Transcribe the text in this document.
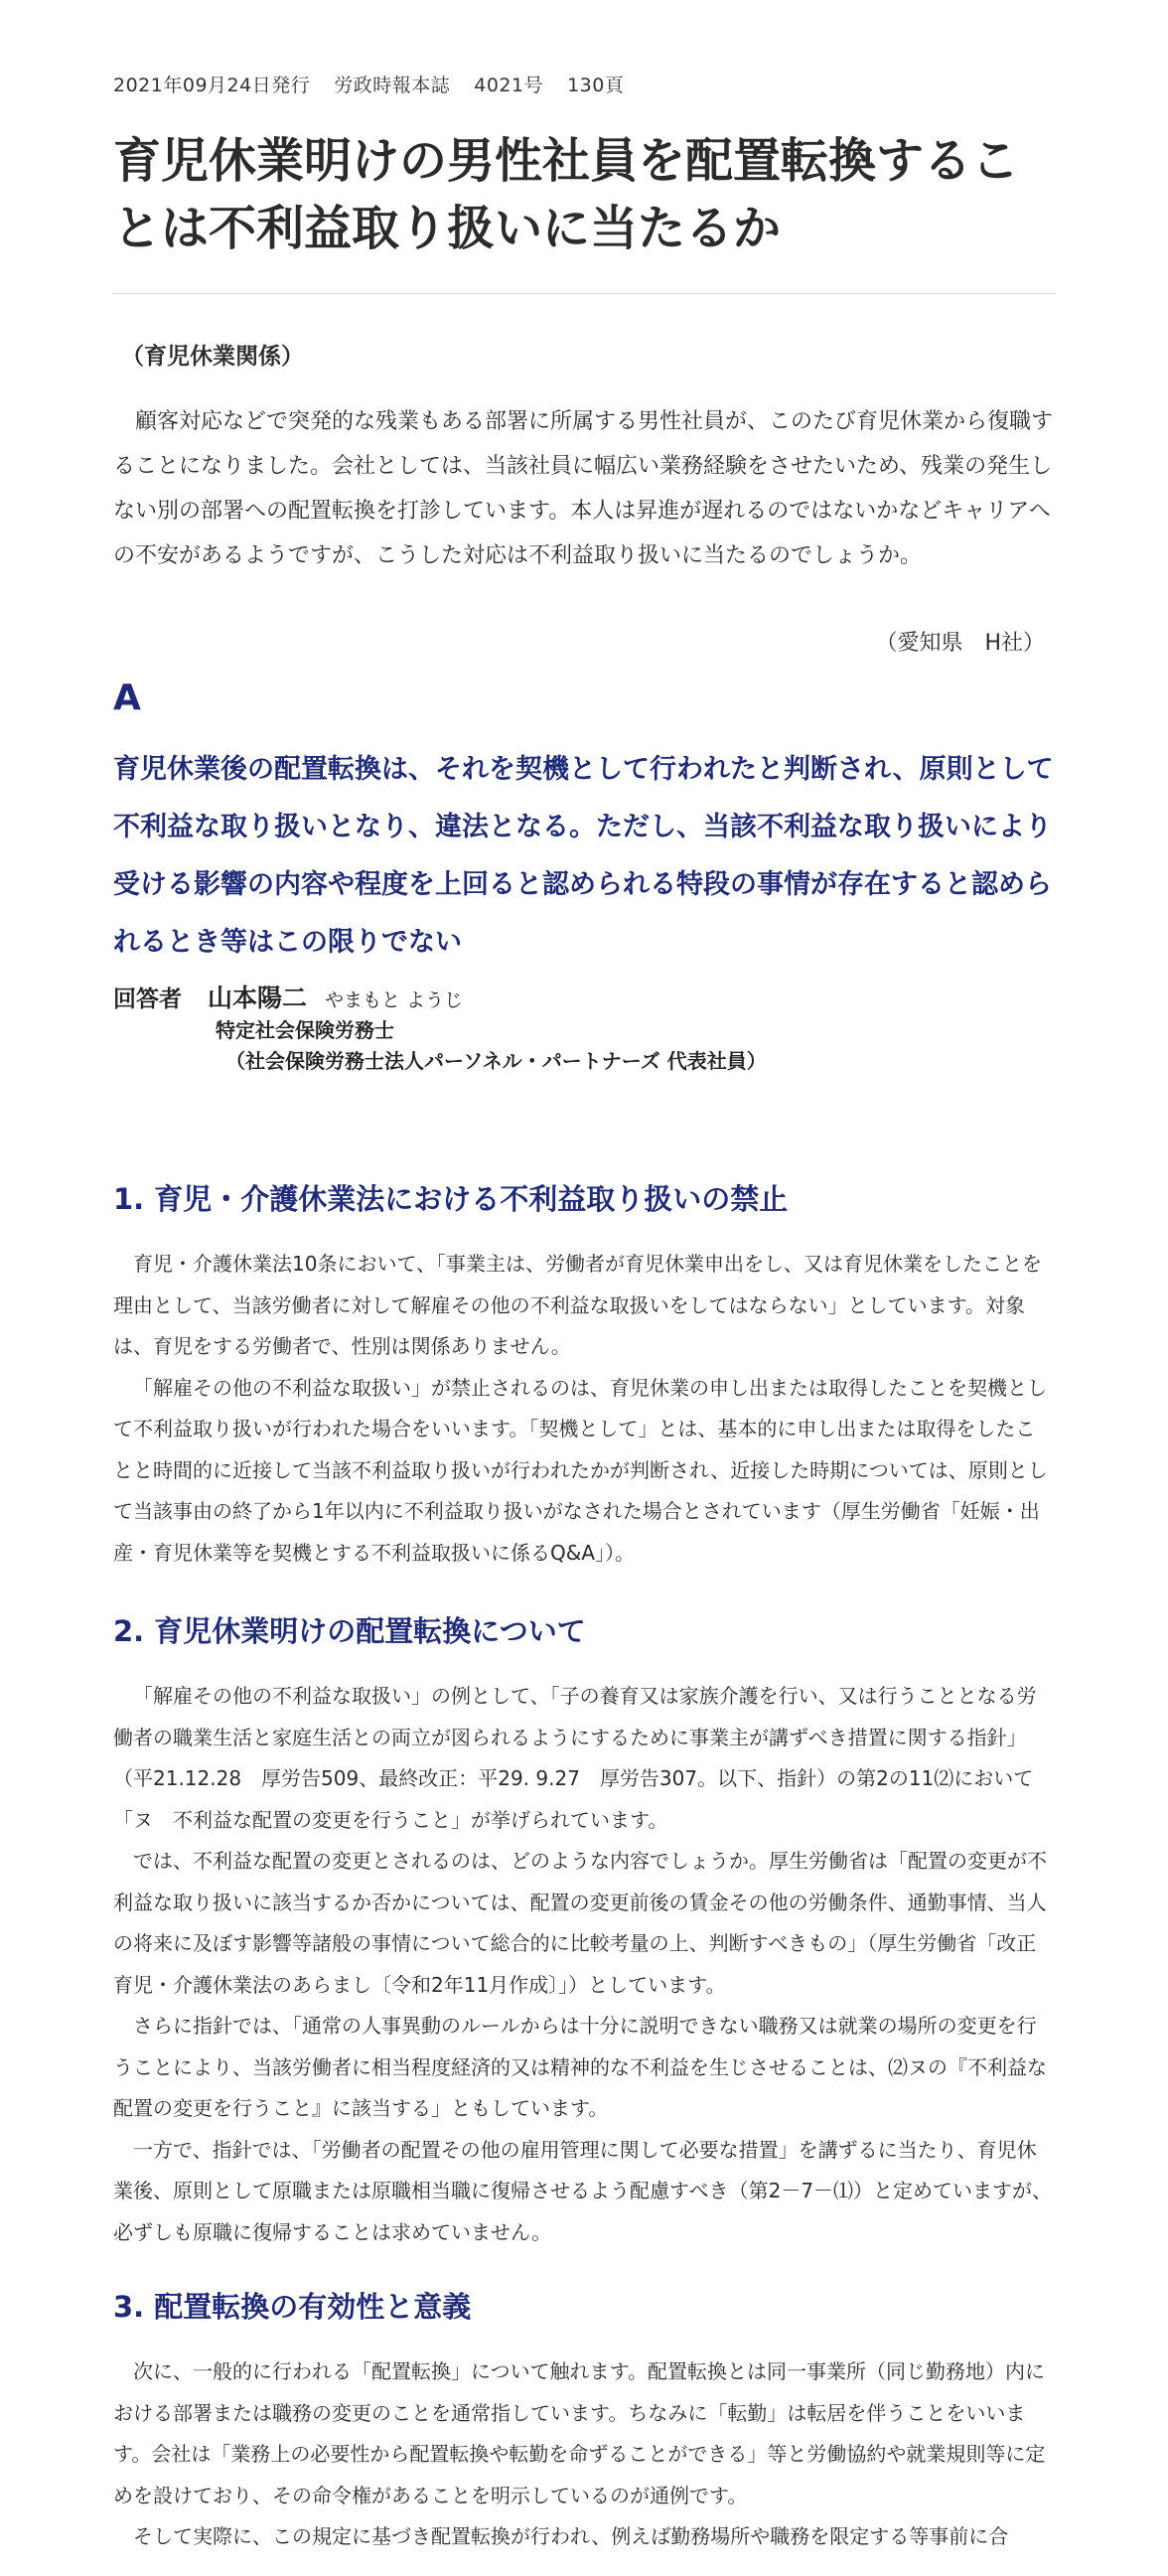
2021年09月24日発行 労政時報本誌 4021号 130頁
育児休業明けの男性社員を配置転換することは不利益取り扱いに当たるか
（育児休業関係）

顧客対応などで突発的な残業もある部署に所属する男性社員が、このたび育児休業から復職することになりました。会社としては、当該社員に幅広い業務経験をさせたいため、残業の発生しない別の部署への配置転換を打診しています。本人は昇進が遅れるのではないかなどキャリアへの不安があるようですが、こうした対応は不利益取り扱いに当たるのでしょうか。

（愛知県　H社）
A

育児休業後の配置転換は、それを契機として行われたと判断され、原則として不利益な取り扱いとなり、違法となる。ただし、当該不利益な取り扱いにより受ける影響の内容や程度を上回ると認められる特段の事情が存在すると認められるとき等はこの限りでない

回答者 山本陽二 やまもと ようじ
特定社会保険労務士
（社会保険労務士法人パーソネル・パートナーズ 代表社員）
1. 育児・介護休業法における不利益取り扱いの禁止

育児・介護休業法10条において、「事業主は、労働者が育児休業申出をし、又は育児休業をしたことを理由として、当該労働者に対して解雇その他の不利益な取扱いをしてはならない」としています。対象は、育児をする労働者で、性別は関係ありません。

「解雇その他の不利益な取扱い」が禁止されるのは、育児休業の申し出または取得したことを契機として不利益取り扱いが行われた場合をいいます。「契機として」とは、基本的に申し出または取得をしたことと時間的に近接して当該不利益取り扱いが行われたかが判断され、近接した時期については、原則として当該事由の終了から1年以内に不利益取り扱いがなされた場合とされています（厚生労働省「妊娠・出産・育児休業等を契機とする不利益取扱いに係るQ&A」）。

2. 育児休業明けの配置転換について

「解雇その他の不利益な取扱い」の例として、「子の養育又は家族介護を行い、又は行うこととなる労働者の職業生活と家庭生活との両立が図られるようにするために事業主が講ずべき措置に関する指針」（平21.12.28　厚労告509、最終改正：平29. 9.27　厚労告307。以下、指針）の第2の11⑵において「ヌ　不利益な配置の変更を行うこと」が挙げられています。

では、不利益な配置の変更とされるのは、どのような内容でしょうか。厚生労働省は「配置の変更が不利益な取り扱いに該当するか否かについては、配置の変更前後の賃金その他の労働条件、通勤事情、当人の将来に及ぼす影響等諸般の事情について総合的に比較考量の上、判断すべきもの」（厚生労働省「改正育児・介護休業法のあらまし〔令和2年11月作成〕」）としています。

さらに指針では、「通常の人事異動のルールからは十分に説明できない職務又は就業の場所の変更を行うことにより、当該労働者に相当程度経済的又は精神的な不利益を生じさせることは、⑵ヌの『不利益な配置の変更を行うこと』に該当する」ともしています。

一方で、指針では、「労働者の配置その他の雇用管理に関して必要な措置」を講ずるに当たり、育児休業後、原則として原職または原職相当職に復帰させるよう配慮すべき（第2－7－⑴）と定めていますが、必ずしも原職に復帰することは求めていません。

3. 配置転換の有効性と意義

次に、一般的に行われる「配置転換」について触れます。配置転換とは同一事業所（同じ勤務地）内における部署または職務の変更のことを通常指しています。ちなみに「転勤」は転居を伴うことをいいます。会社は「業務上の必要性から配置転換や転勤を命ずることができる」等と労働協約や就業規則等に定めを設けており、その命令権があることを明示しているのが通例です。

そして実際に、この規定に基づき配置転換が行われ、例えば勤務場所や職務を限定する等事前に合
